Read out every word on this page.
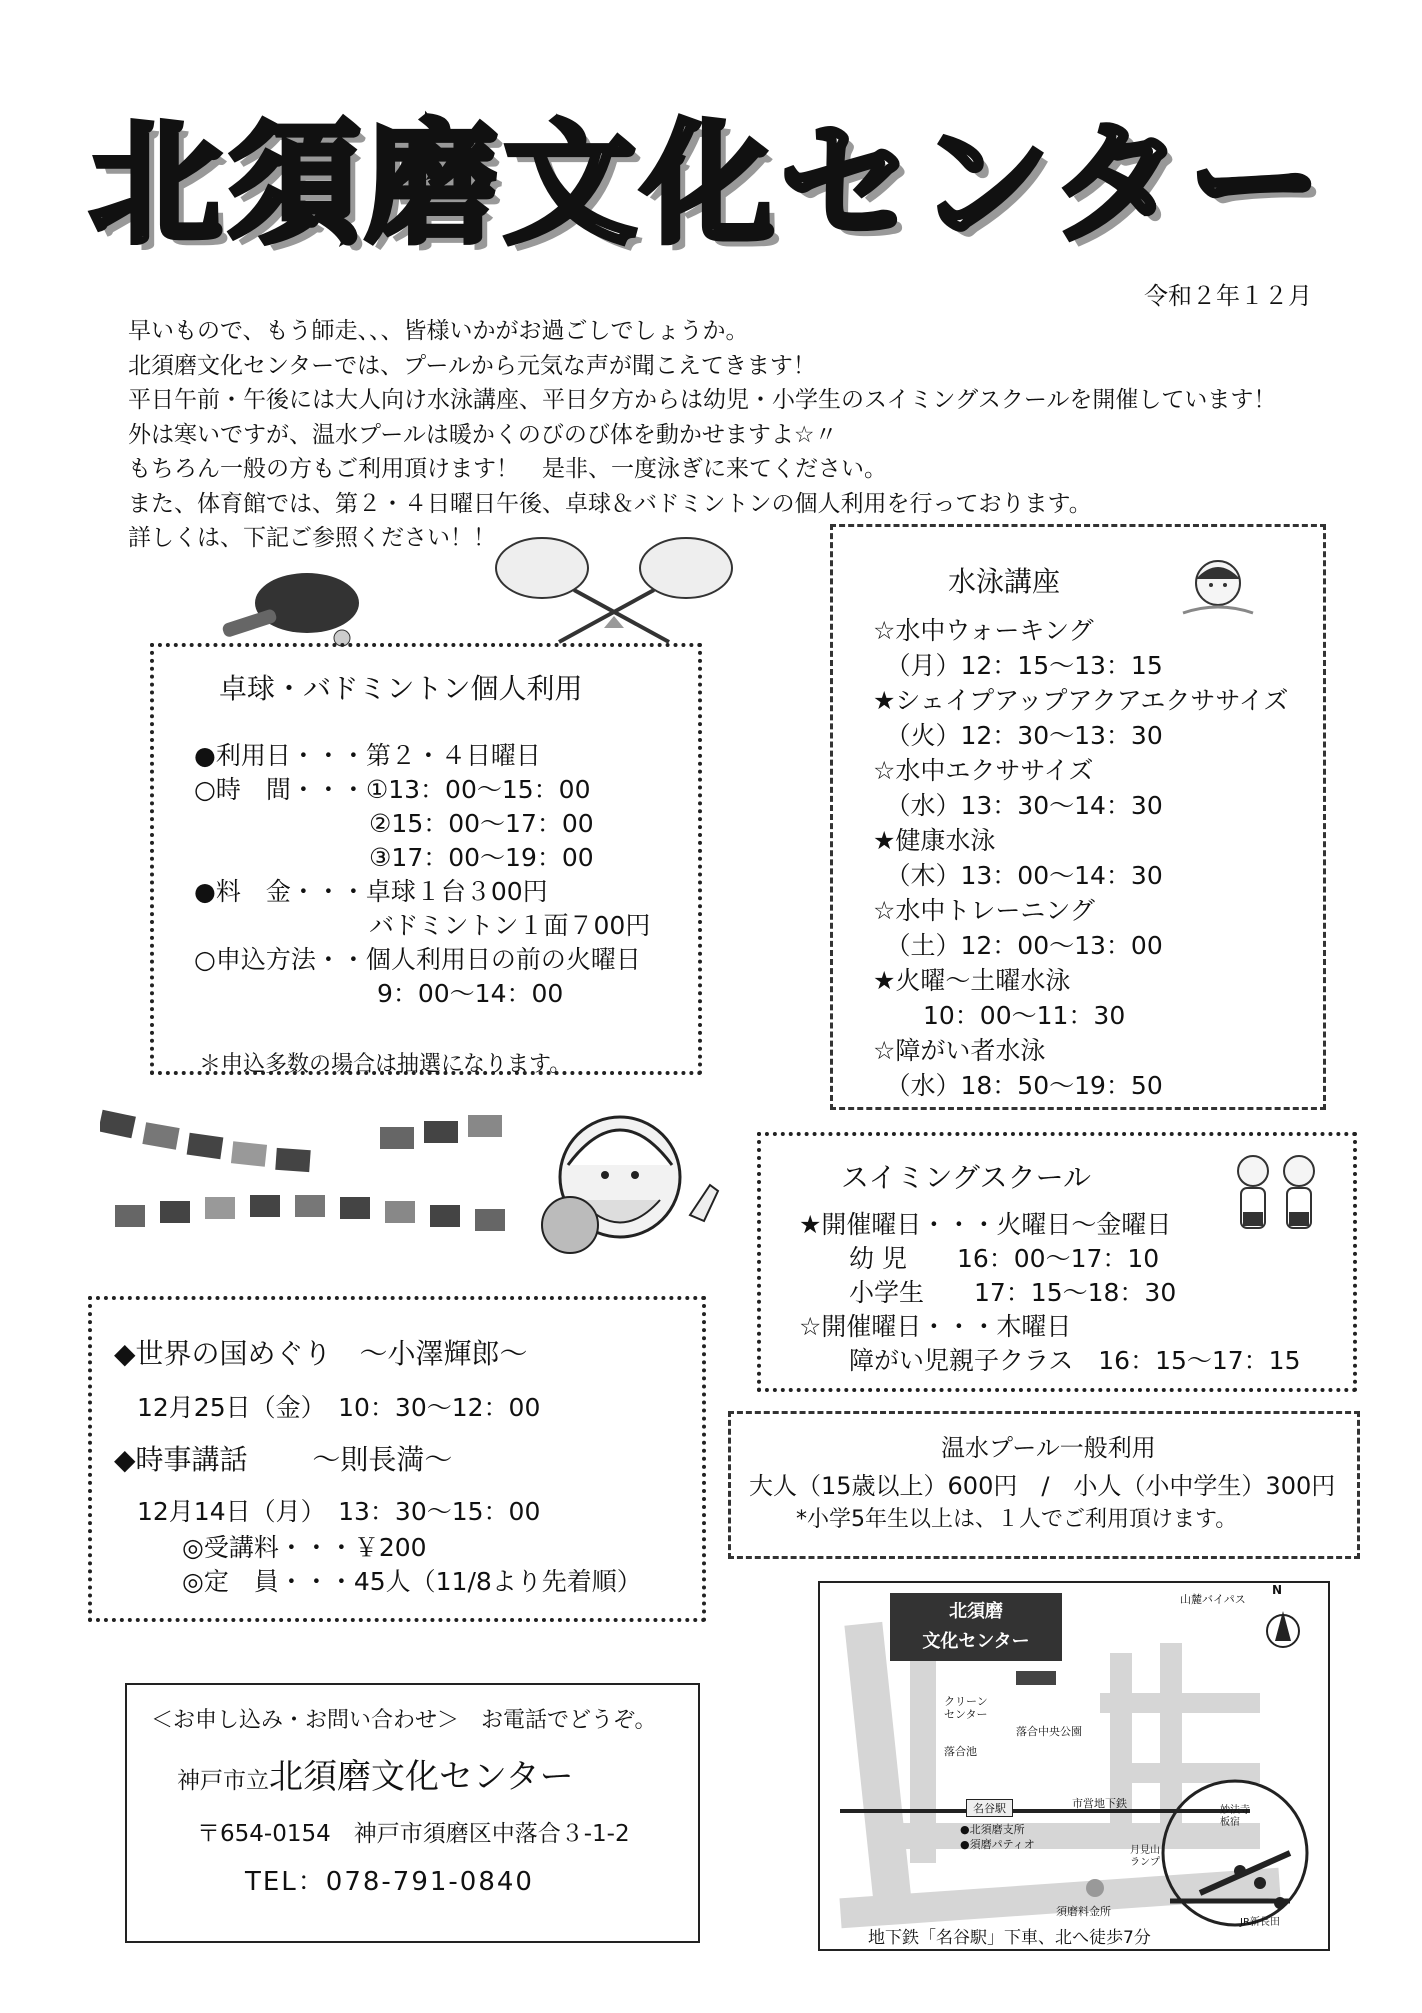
北須磨文化センター
令和２年１２月
早いもので、もう師走、、、皆様いかがお過ごしでしょうか。
北須磨文化センターでは、プールから元気な声が聞こえてきます！
平日午前・午後には大人向け水泳講座、平日夕方からは幼児・小学生のスイミングスクールを開催しています！
外は寒いですが、温水プールは暖かくのびのび体を動かせますよ☆〃
もちろん一般の方もご利用頂けます！　是非、一度泳ぎに来てください。
また、体育館では、第２・４日曜日午後、卓球＆バドミントンの個人利用を行っております。
詳しくは、下記ご参照ください！！
卓球・バドミントン個人利用
●利用日・・・第２・４日曜日
○時　間・・・①13：00～15：00
　　　　　　　②15：00～17：00
　　　　　　　③17：00～19：00
●料　金・・・卓球１台３00円
　　　　　　　バドミントン１面７00円
○申込方法・・個人利用日の前の火曜日
　　　　　　　 9：00～14：00
＊申込多数の場合は抽選になります。
水泳講座
☆水中ウォーキング
　（月）12：15～13：15
★シェイプアップアクアエクササイズ
　（火）12：30～13：30
☆水中エクササイズ
　（水）13：30～14：30
★健康水泳
　（木）13：00～14：30
☆水中トレーニング
　（土）12：00～13：00
★火曜～土曜水泳
　　10：00～11：30
☆障がい者水泳
　（水）18：50～19：50
スイミングスクール
★開催曜日・・・火曜日～金曜日
　　幼 児　　16：00～17：10
　　小学生　　17：15～18：30
☆開催曜日・・・木曜日
　　障がい児親子クラス　16：15～17：15
◆世界の国めぐり　～小澤輝郎～
12月25日（金）　10：30～12：00
◆時事講話　　 ～則長満～
12月14日（月）　13：30～15：00
◎受講料・・・￥200
◎定　員・・・45人（11/8より先着順）
温水プール一般利用
大人（15歳以上）600円　/　小人（小中学生）300円
*小学5年生以上は、１人でご利用頂けます。
＜お申し込み・お問い合わせ＞　お電話でどうぞ。
神戸市立北須磨文化センター
〒654-0154　神戸市須磨区中落合３-1-2
TEL：078-791-0840
北須磨
文化センター
山麓バイパス
N
クリーン
センター
落合中央公園
落合池
名谷駅	市営地下鉄
●北須磨支所
●須磨パティオ	月見山
ランプ
須磨料金所
妙法寺
板宿
JR新長田
地下鉄「名谷駅」下車、北へ徒歩7分
